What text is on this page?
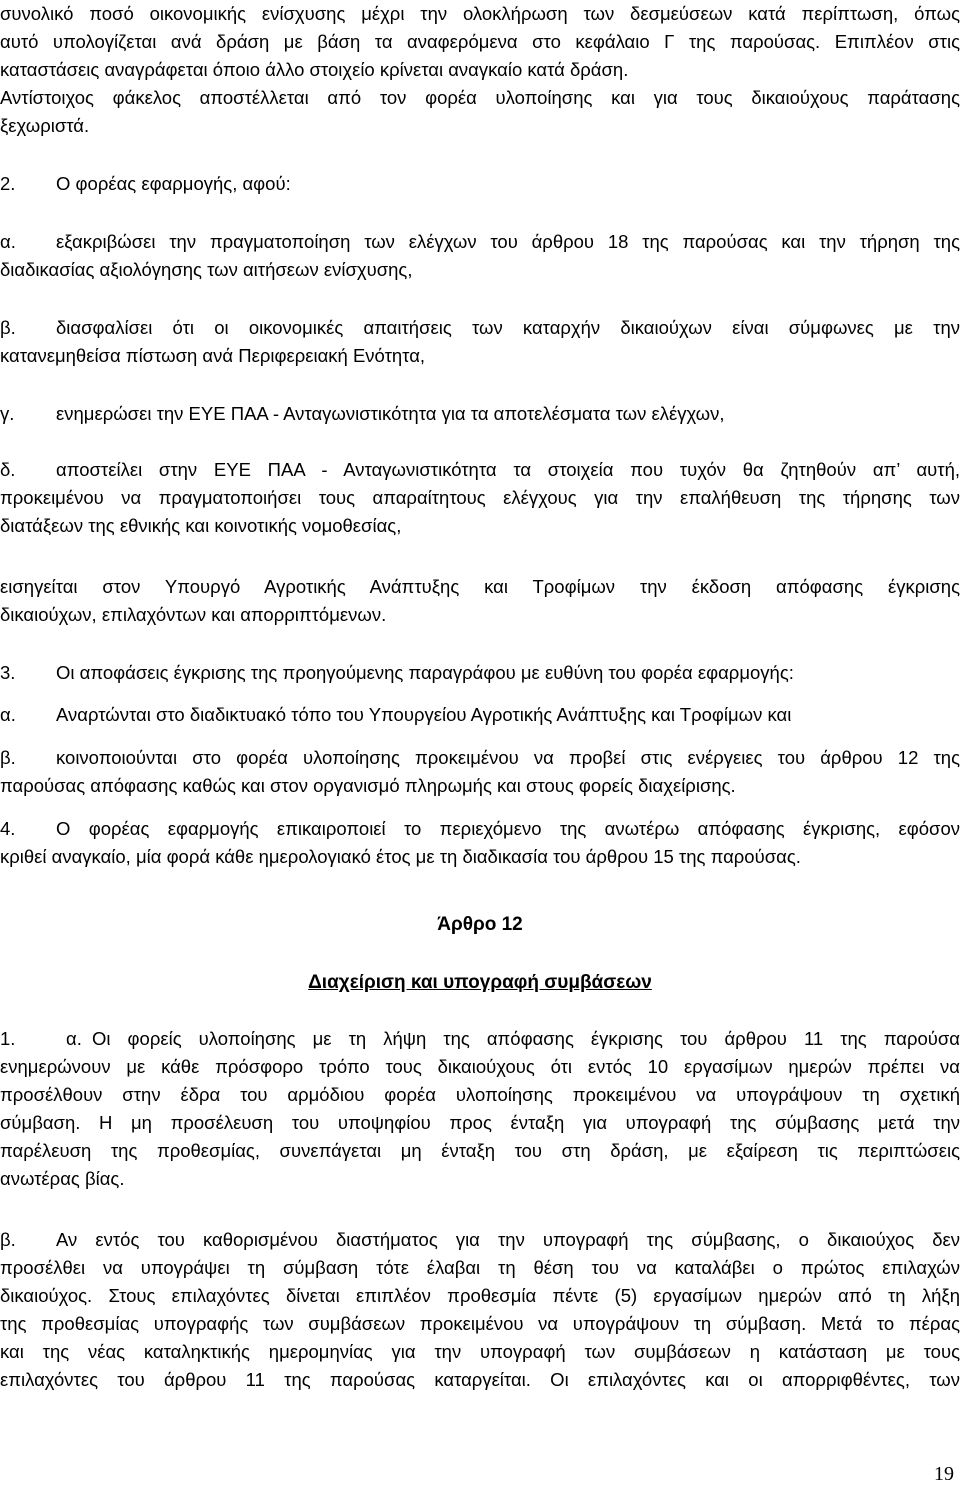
συνολικό ποσό οικονομικής ενίσχυσης μέχρι την ολοκλήρωση των δεσμεύσεων κατά περίπτωση, όπως
αυτό υπολογίζεται ανά δράση με βάση τα αναφερόμενα στο κεφάλαιο Γ της παρούσας. Επιπλέον στις
καταστάσεις αναγράφεται όποιο άλλο στοιχείο κρίνεται αναγκαίο κατά δράση.
Αντίστοιχος φάκελος αποστέλλεται από τον φορέα υλοποίησης και για τους δικαιούχους παράτασης
ξεχωριστά.
2. Ο φορέας εφαρμογής, αφού:
α. εξακριβώσει την πραγματοποίηση των ελέγχων του άρθρου 18 της παρούσας και την τήρηση της
διαδικασίας αξιολόγησης των αιτήσεων ενίσχυσης,
β. διασφαλίσει ότι οι οικονομικές απαιτήσεις των καταρχήν δικαιούχων είναι σύμφωνες με την
κατανεμηθείσα πίστωση ανά Περιφερειακή Ενότητα,
γ. ενημερώσει την ΕΥΕ ΠΑΑ - Ανταγωνιστικότητα για τα αποτελέσματα των ελέγχων,
δ. αποστείλει στην ΕΥΕ ΠΑΑ - Ανταγωνιστικότητα τα στοιχεία που τυχόν θα ζητηθούν απ’ αυτή,
προκειμένου να πραγματοποιήσει τους απαραίτητους ελέγχους για την επαλήθευση της τήρησης των
διατάξεων της εθνικής και κοινοτικής νομοθεσίας,
εισηγείται στον Υπουργό Αγροτικής Ανάπτυξης και Τροφίμων την έκδοση απόφασης έγκρισης
δικαιούχων, επιλαχόντων και απορριπτόμενων.
3. Οι αποφάσεις έγκρισης της προηγούμενης παραγράφου με ευθύνη του φορέα εφαρμογής:
α. Αναρτώνται στο διαδικτυακό τόπο του Υπουργείου Αγροτικής Ανάπτυξης και Τροφίμων και
β. κοινοποιούνται στο φορέα υλοποίησης προκειμένου να προβεί στις ενέργειες του άρθρου 12 της
παρούσας απόφασης καθώς και στον οργανισμό πληρωμής και στους φορείς διαχείρισης.
4. Ο φορέας εφαρμογής επικαιροποιεί το περιεχόμενο της ανωτέρω απόφασης έγκρισης, εφόσον
κριθεί αναγκαίο, μία φορά κάθε ημερολογιακό έτος με τη διαδικασία του άρθρου 15 της παρούσας.
Άρθρο 12
Διαχείριση και υπογραφή συμβάσεων
1.	α. Οι φορείς υλοποίησης με τη λήψη της απόφασης έγκρισης του άρθρου 11 της παρούσα
ενημερώνουν με κάθε πρόσφορο τρόπο τους δικαιούχους ότι εντός 10 εργασίμων ημερών πρέπει να
προσέλθουν στην έδρα του αρμόδιου φορέα υλοποίησης προκειμένου να υπογράψουν τη σχετική
σύμβαση. Η μη προσέλευση του υποψηφίου προς ένταξη για υπογραφή της σύμβασης μετά την
παρέλευση της προθεσμίας, συνεπάγεται μη ένταξη του στη δράση, με εξαίρεση τις περιπτώσεις
ανωτέρας βίας.
β. Αν εντός του καθορισμένου διαστήματος για την υπογραφή της σύμβασης, ο δικαιούχος δεν
προσέλθει να υπογράψει τη σύμβαση τότε έλαβαι τη θέση του να καταλάβει ο πρώτος επιλαχών
δικαιούχος. Στους επιλαχόντες δίνεται επιπλέον προθεσμία πέντε (5) εργασίμων ημερών από τη λήξη
της προθεσμίας υπογραφής των συμβάσεων προκειμένου να υπογράψουν τη σύμβαση. Μετά το πέρας
και της νέας καταληκτικής ημερομηνίας για την υπογραφή των συμβάσεων η κατάσταση με τους
επιλαχόντες του άρθρου 11 της παρούσας καταργείται. Οι επιλαχόντες και οι απορριφθέντες, των
19
